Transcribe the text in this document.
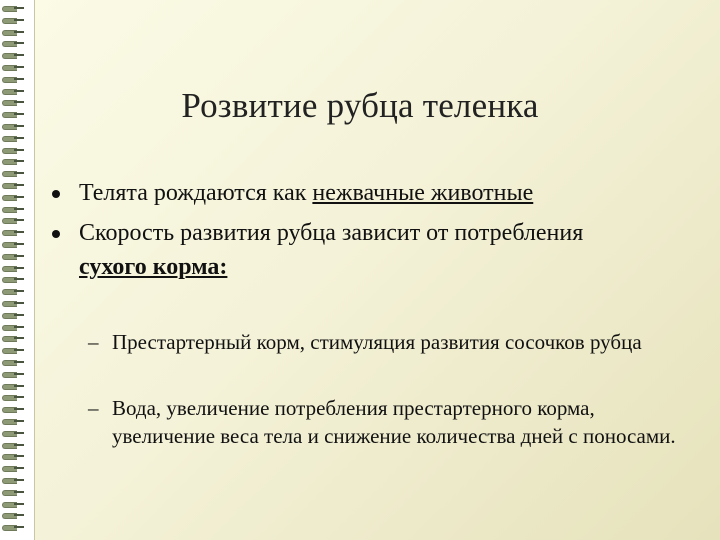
Розвитие рубца теленка
Телята рождаются как нежвачные животные
Скорость развития рубца зависит от потребления
сухого корма:
– Престартерный корм, стимуляция развития сосочков рубца
– Вода, увеличение потребления престартерного корма, увеличение веса тела и снижение количества дней с поносами.
